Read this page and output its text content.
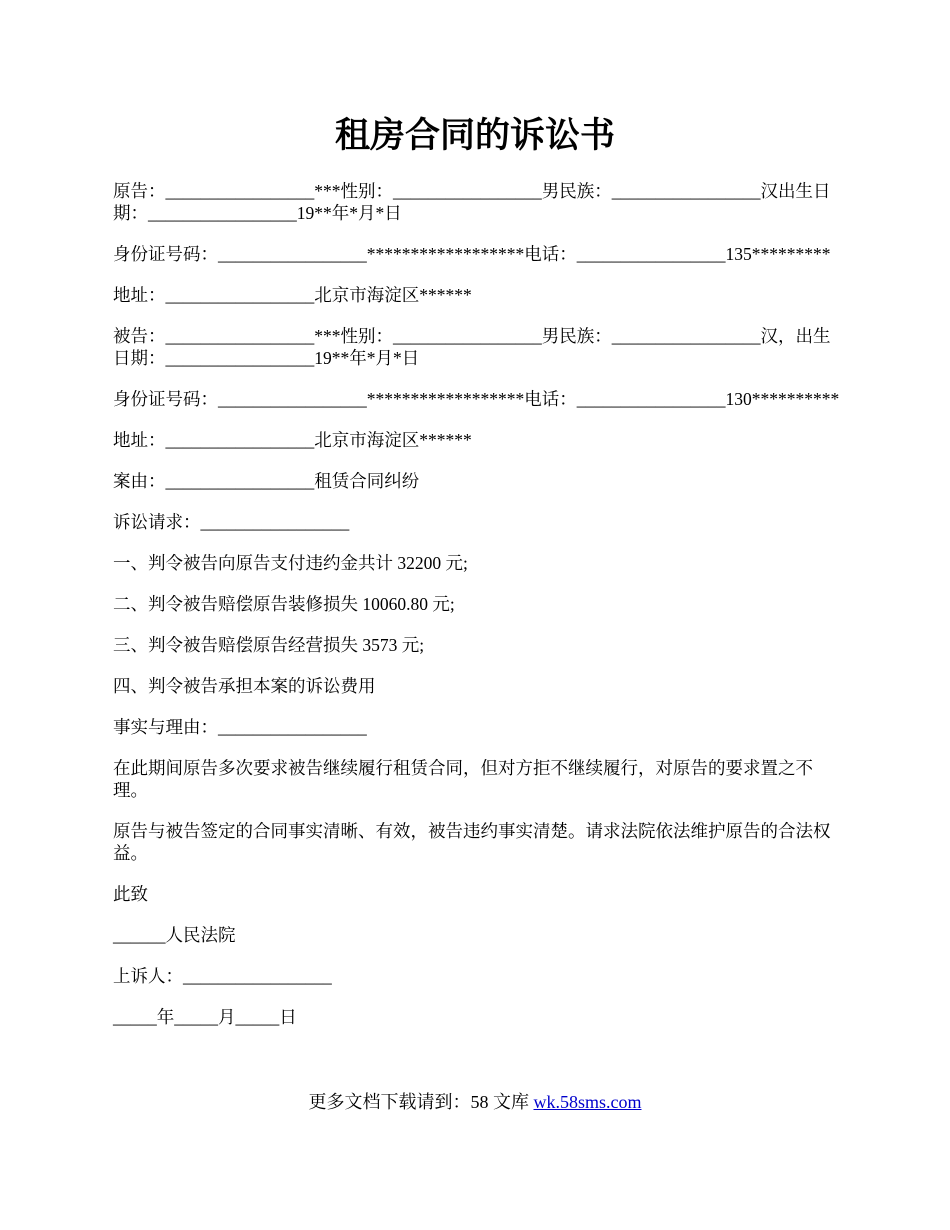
租房合同的诉讼书

原告：_________________***性别：_________________男民族：_________________汉出生日期：_________________19**年*月*日

身份证号码：_________________******************电话：_________________135*********

地址：_________________北京市海淀区******

被告：_________________***性别：_________________男民族：_________________汉，出生日期：_________________19**年*月*日

身份证号码：_________________******************电话：_________________130**********

地址：_________________北京市海淀区******

案由：_________________租赁合同纠纷

诉讼请求：_________________

一、判令被告向原告支付违约金共计 32200 元;

二、判令被告赔偿原告装修损失 10060.80 元;

三、判令被告赔偿原告经营损失 3573 元;

四、判令被告承担本案的诉讼费用

事实与理由：_________________

在此期间原告多次要求被告继续履行租赁合同，但对方拒不继续履行，对原告的要求置之不理。

原告与被告签定的合同事实清晰、有效，被告违约事实清楚。请求法院依法维护原告的合法权益。

此致

______人民法院

上诉人：_________________

_____年_____月_____日

更多文档下载请到：58 文库 wk.58sms.com
